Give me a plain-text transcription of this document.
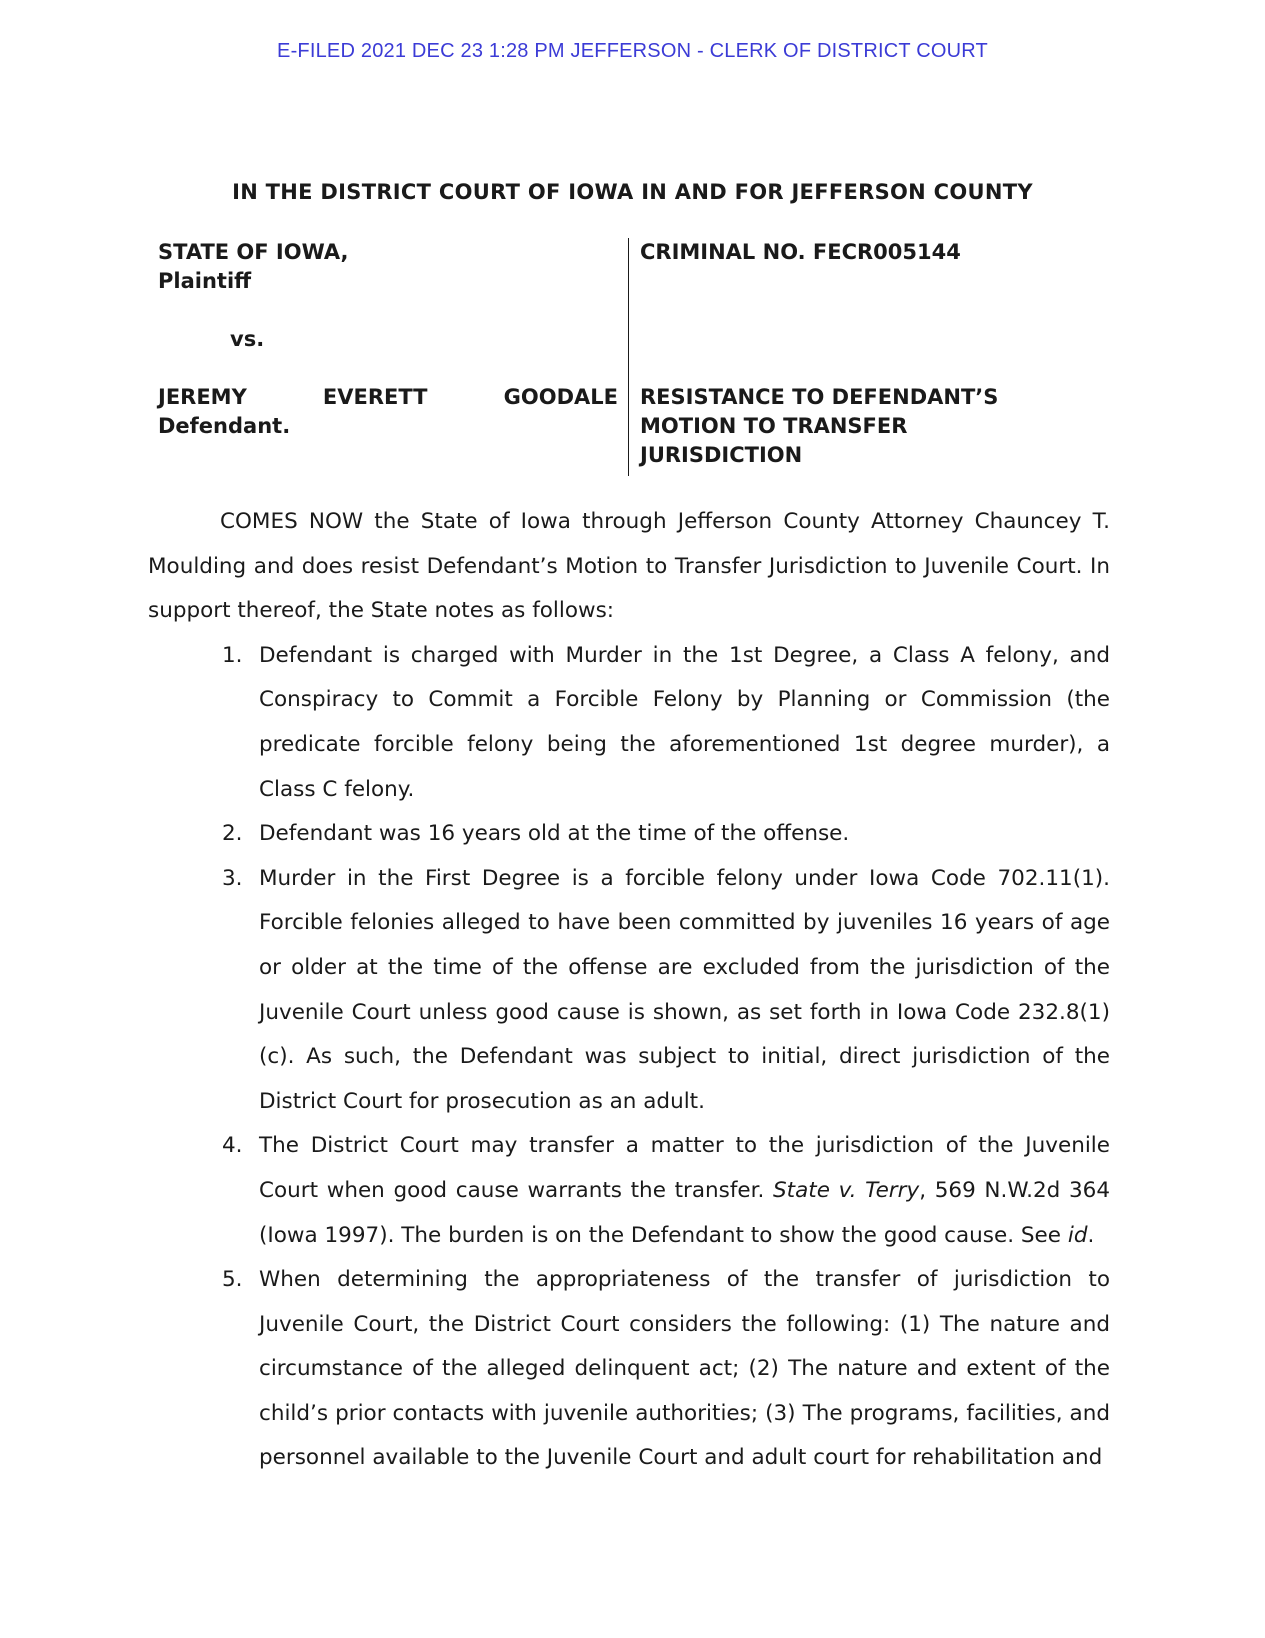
E-FILED 2021 DEC 23 1:28 PM JEFFERSON - CLERK OF DISTRICT COURT
IN THE DISTRICT COURT OF IOWA IN AND FOR JEFFERSON COUNTY
STATE OF IOWA,
Plaintiff
vs.
JEREMY	EVERETT	GOODALE
Defendant.
CRIMINAL NO. FECR005144
RESISTANCE TO DEFENDANT’S
MOTION TO TRANSFER
JURISDICTION

COMES NOW the State of Iowa through Jefferson County Attorney Chauncey T. Moulding and does resist Defendant’s Motion to Transfer Jurisdiction to Juvenile Court. In support thereof, the State notes as follows:

1. Defendant is charged with Murder in the 1st Degree, a Class A felony, and Conspiracy to Commit a Forcible Felony by Planning or Commission (the predicate forcible felony being the aforementioned 1st degree murder), a Class C felony.
2. Defendant was 16 years old at the time of the offense.
3. Murder in the First Degree is a forcible felony under Iowa Code 702.11(1). Forcible felonies alleged to have been committed by juveniles 16 years of age or older at the time of the offense are excluded from the jurisdiction of the Juvenile Court unless good cause is shown, as set forth in Iowa Code 232.8(1)(c). As such, the Defendant was subject to initial, direct jurisdiction of the District Court for prosecution as an adult.
4. The District Court may transfer a matter to the jurisdiction of the Juvenile Court when good cause warrants the transfer. State v. Terry, 569 N.W.2d 364 (Iowa 1997). The burden is on the Defendant to show the good cause. See id.
5. When determining the appropriateness of the transfer of jurisdiction to Juvenile Court, the District Court considers the following: (1) The nature and circumstance of the alleged delinquent act; (2) The nature and extent of the child’s prior contacts with juvenile authorities; (3) The programs, facilities, and personnel available to the Juvenile Court and adult court for rehabilitation and
